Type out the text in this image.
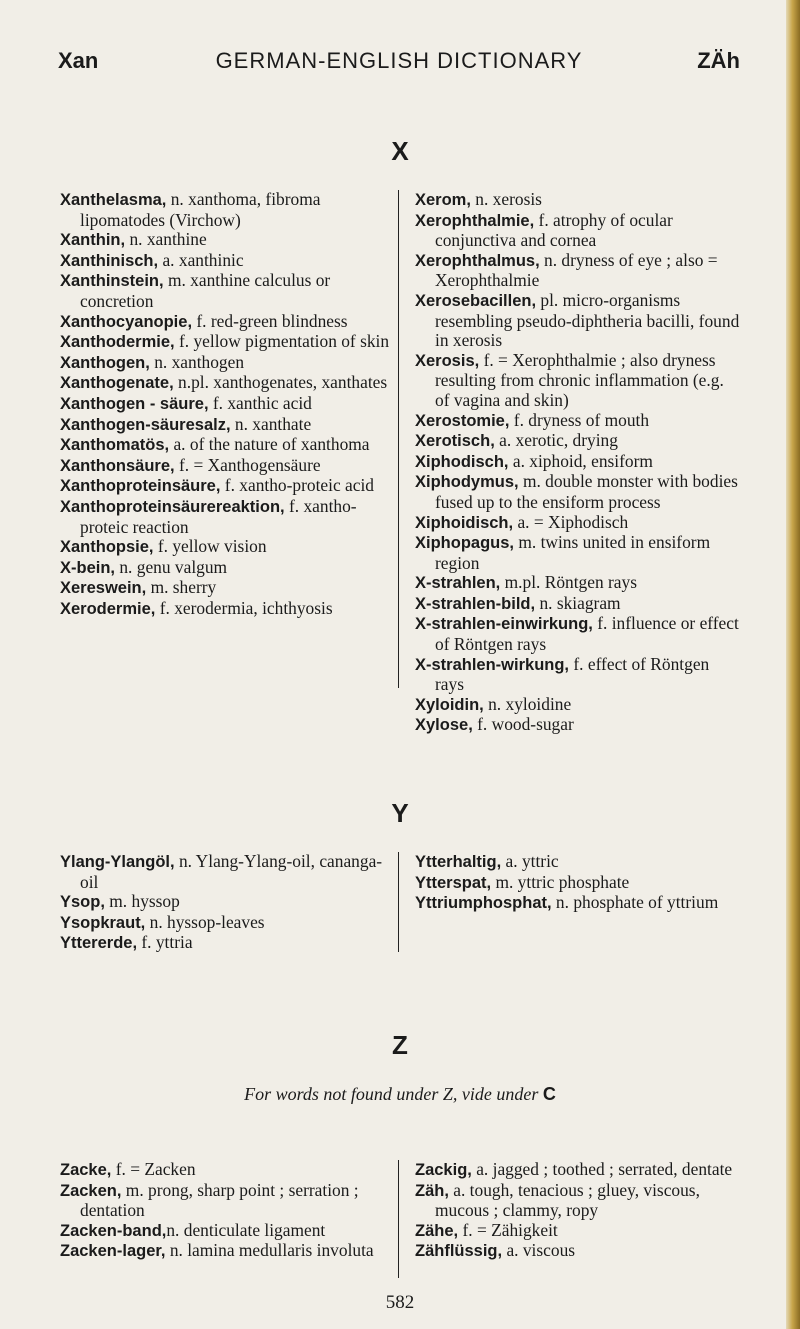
Xan	GERMAN-ENGLISH DICTIONARY	ZÄh
X
Xanthelasma, n. xanthoma, fibroma lipomatodes (Virchow)
Xanthin, n. xanthine
Xanthinisch, a. xanthinic
Xanthinstein, m. xanthine calculus or concretion
Xanthocyanopie, f. red-green blindness
Xanthodermie, f. yellow pigmentation of skin
Xanthogen, n. xanthogen
Xanthogenate, n.pl. xanthogenates, xanthates
Xanthogen - säure, f. xanthic acid
Xanthogen-säuresalz, n. xanthate
Xanthomatös, a. of the nature of xanthoma
Xanthonsäure, f. = Xanthogensäure
Xanthoproteinsäure, f. xantho-proteic acid
Xanthoproteinsäurereaktion, f. xantho-proteic reaction
Xanthopsie, f. yellow vision
X-bein, n. genu valgum
Xereswein, m. sherry
Xerodermie, f. xerodermia, ichthyosis
Xerom, n. xerosis
Xerophthalmie, f. atrophy of ocular conjunctiva and cornea
Xerophthalmus, n. dryness of eye ; also = Xerophthalmie
Xerosebacillen, pl. micro-organisms resembling pseudo-diphtheria bacilli, found in xerosis
Xerosis, f. = Xerophthalmie ; also dryness resulting from chronic inflammation (e.g. of vagina and skin)
Xerostomie, f. dryness of mouth
Xerotisch, a. xerotic, drying
Xiphodisch, a. xiphoid, ensiform
Xiphodymus, m. double monster with bodies fused up to the ensiform process
Xiphoidisch, a. = Xiphodisch
Xiphopagus, m. twins united in ensiform region
X-strahlen, m.pl. Röntgen rays
X-strahlen-bild, n. skiagram
X-strahlen-einwirkung, f. influence or effect of Röntgen rays
X-strahlen-wirkung, f. effect of Röntgen rays
Xyloidin, n. xyloidine
Xylose, f. wood-sugar
Y
Ylang-Ylangöl, n. Ylang-Ylang-oil, cananga-oil
Ysop, m. hyssop
Ysopkraut, n. hyssop-leaves
Yttererde, f. yttria
Ytterhaltig, a. yttric
Ytterspat, m. yttric phosphate
Yttriumphosphat, n. phosphate of yttrium
Z
For words not found under Z, vide under C
Zacke, f. = Zacken
Zacken, m. prong, sharp point ; serration ; dentation
Zacken-band,n. denticulate ligament
Zacken-lager, n. lamina medullaris involuta
Zackig, a. jagged ; toothed ; serrated, dentate
Zäh, a. tough, tenacious ; gluey, viscous, mucous ; clammy, ropy
Zähe, f. = Zähigkeit
Zähflüssig, a. viscous
582
